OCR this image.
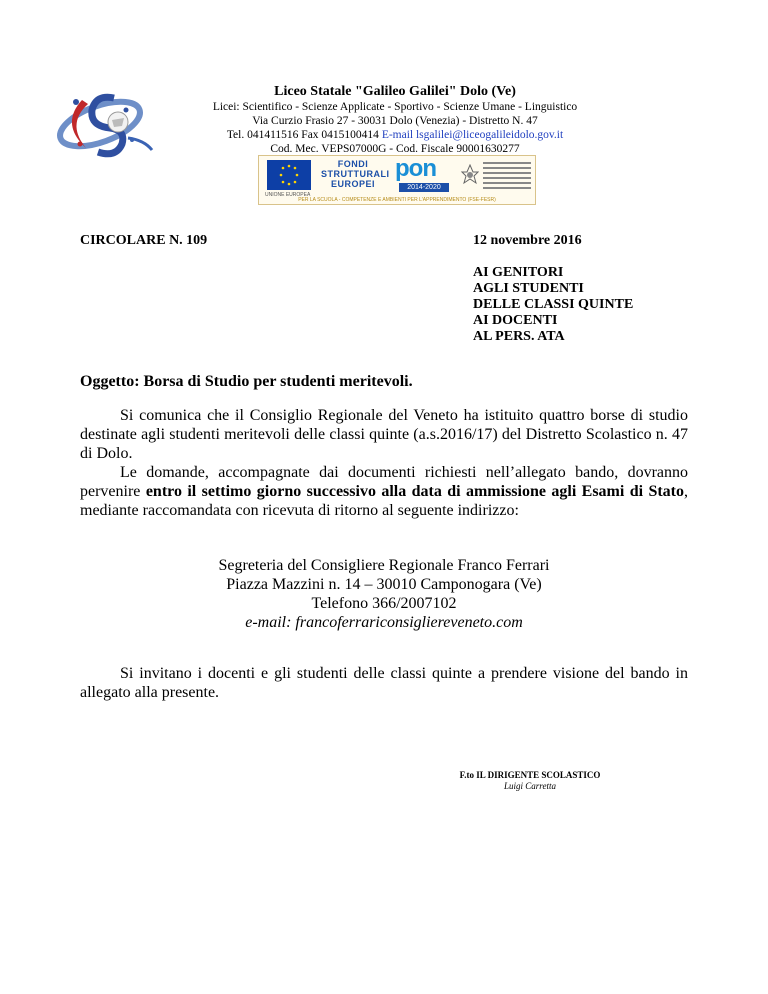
Liceo Statale "Galileo Galilei" Dolo (Ve)
Licei: Scientifico - Scienze Applicate - Sportivo - Scienze Umane - Linguistico
Via Curzio Frasio 27 - 30031 Dolo (Venezia) - Distretto N. 47
Tel. 041411516 Fax 0415100414 E-mail lsgalilei@liceogalileidolo.gov.it
Cod. Mec. VEPS07000G - Cod. Fiscale 90001630277
UNIONE EUROPEA
FONDI
STRUTTURALI
EUROPEI
pon
2014-2020
PER LA SCUOLA - COMPETENZE E AMBIENTI PER L'APPRENDIMENTO (FSE-FESR)
CIRCOLARE N. 109	12 novembre 2016
AI GENITORI
AGLI STUDENTI
DELLE CLASSI QUINTE
AI DOCENTI
AL PERS. ATA
Oggetto: Borsa di Studio per studenti meritevoli.

Si comunica che il Consiglio Regionale del Veneto ha istituito quattro borse di studio destinate agli studenti meritevoli delle classi quinte (a.s.2016/17) del Distretto Scolastico n. 47 di Dolo.

Le domande, accompagnate dai documenti richiesti nell’allegato bando, dovranno pervenire entro il settimo giorno successivo alla data di ammissione agli Esami di Stato, mediante raccomandata con ricevuta di ritorno al seguente indirizzo:

Segreteria del Consigliere Regionale Franco Ferrari
Piazza Mazzini n. 14 – 30010 Camponogara (Ve)
Telefono 366/2007102
e-mail: francoferrariconsigliereveneto.com
Si invitano i docenti e gli studenti delle classi quinte a prendere visione del bando in allegato alla presente.
F.to IL DIRIGENTE SCOLASTICO
Luigi Carretta
